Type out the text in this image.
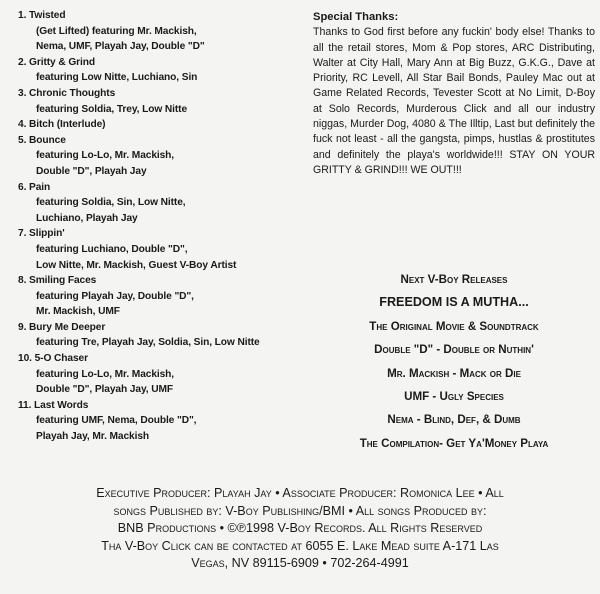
1. Twisted
(Get Lifted) featuring Mr. Mackish,
Nema, UMF, Playah Jay, Double "D"
2. Gritty & Grind
featuring Low Nitte, Luchiano, Sin
3. Chronic Thoughts
featuring Soldia, Trey, Low Nitte
4. Bitch (Interlude)
5. Bounce
featuring Lo-Lo, Mr. Mackish,
Double "D", Playah Jay
6. Pain
featuring Soldia, Sin, Low Nitte,
Luchiano, Playah Jay
7. Slippin'
featuring Luchiano, Double "D",
Low Nitte, Mr. Mackish, Guest V-Boy Artist
8. Smiling Faces
featuring Playah Jay, Double "D",
Mr. Mackish, UMF
9. Bury Me Deeper
featuring Tre, Playah Jay, Soldia, Sin, Low Nitte
10. 5-O Chaser
featuring Lo-Lo, Mr. Mackish,
Double "D", Playah Jay, UMF
11. Last Words
featuring UMF, Nema, Double "D",
Playah Jay, Mr. Mackish
Special Thanks:
Thanks to God first before any fuckin' body else! Thanks to all the retail stores, Mom & Pop stores, ARC Distributing, Walter at City Hall, Mary Ann at Big Buzz, G.K.G., Dave at Priority, RC Levell, All Star Bail Bonds, Pauley Mac out at Game Related Records, Tevester Scott at No Limit, D-Boy at Solo Records, Murderous Click and all our industry niggas, Murder Dog, 4080 & The Illtip, Last but definitely the fuck not least - all the gangsta, pimps, hustlas & prostitutes and definitely the playa's worldwide!!! STAY ON YOUR GRITTY & GRIND!!! WE OUT!!!
Next V-Boy Releases
FREEDOM IS A MUTHA...
The Original Movie & Soundtrack
Double "D" - Double or Nuthin'
Mr. Mackish - Mack or Die
UMF - Ugly Species
Nema - Blind, Def, & Dumb
The Compilation- Get Ya'Money Playa
Executive Producer: Playah Jay • Associate Producer: Romonica Lee • All
songs Published by: V-Boy Publishing/BMI • All songs Produced by:
BNB Productions • ©℗1998 V-Boy Records. All Rights Reserved
Tha V-Boy Click can be contacted at 6055 E. Lake Mead suite A-171 Las
Vegas, NV 89115-6909 • 702-264-4991
